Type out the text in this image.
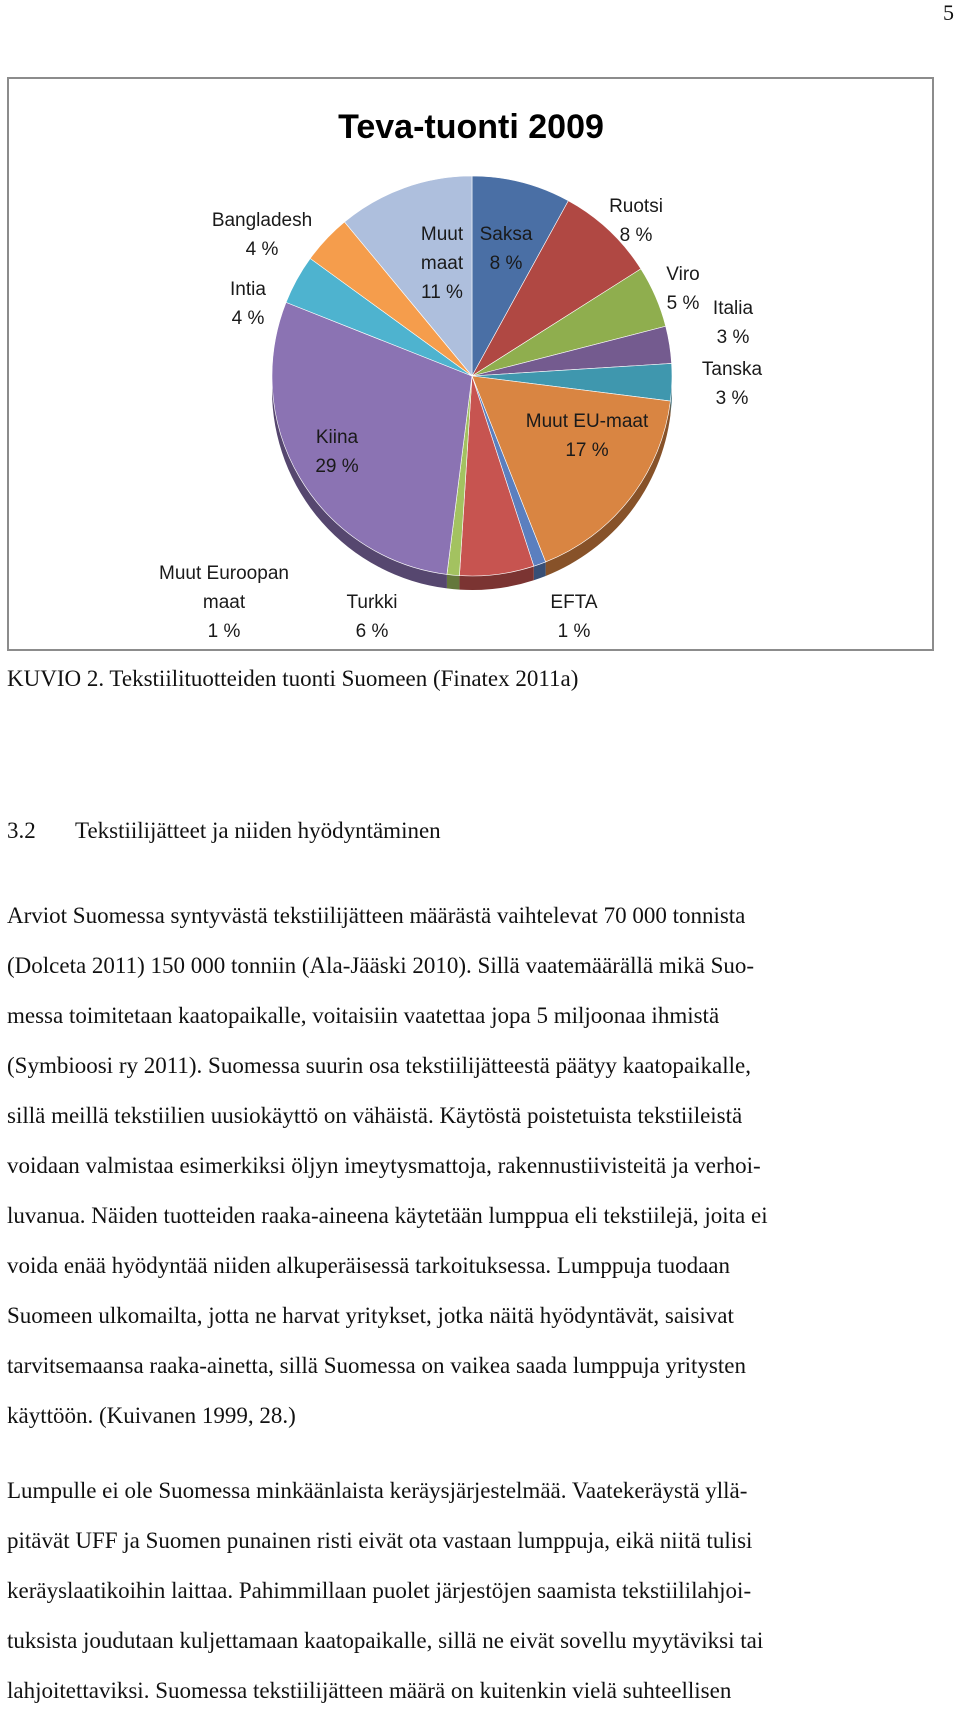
5
Teva-tuonti 2009
Saksa 8 %
Ruotsi 8 %
Viro 5 % Italia 3 %
Tanska 3 %
Muut EU-maat 17 %
EFTA 1 %
Turkki 6 %
Muut Euroopan maat 1 %
Kiina 29 %
Intia 4 %
Bangladesh 4 %
Muut maat 11 %
KUVIO 2. Tekstiilituotteiden tuonti Suomeen (Finatex 2011a)
3.2 Tekstiilijätteet ja niiden hyödyntäminen
Arviot Suomessa syntyvästä tekstiilijätteen määrästä vaihtelevat 70 000 tonnista
(Dolceta 2011) 150 000 tonniin (Ala-Jääski 2010). Sillä vaatemäärällä mikä Suo-
messa toimitetaan kaatopaikalle, voitaisiin vaatettaa jopa 5 miljoonaa ihmistä
(Symbioosi ry 2011). Suomessa suurin osa tekstiilijätteestä päätyy kaatopaikalle,
sillä meillä tekstiilien uusiokäyttö on vähäistä. Käytöstä poistetuista tekstiileistä
voidaan valmistaa esimerkiksi öljyn imeytysmattoja, rakennustiivisteitä ja verhoi-
luvanua. Näiden tuotteiden raaka-aineena käytetään lumppua eli tekstiilejä, joita ei
voida enää hyödyntää niiden alkuperäisessä tarkoituksessa. Lumppuja tuodaan
Suomeen ulkomailta, jotta ne harvat yritykset, jotka näitä hyödyntävät, saisivat
tarvitsemaansa raaka-ainetta, sillä Suomessa on vaikea saada lumppuja yritysten
käyttöön. (Kuivanen 1999, 28.)
Lumpulle ei ole Suomessa minkäänlaista keräysjärjestelmää. Vaatekeräystä yllä-
pitävät UFF ja Suomen punainen risti eivät ota vastaan lumppuja, eikä niitä tulisi
keräyslaatikoihin laittaa. Pahimmillaan puolet järjestöjen saamista tekstiililahjoi-
tuksista joudutaan kuljettamaan kaatopaikalle, sillä ne eivät sovellu myytäviksi tai
lahjoitettaviksi. Suomessa tekstiilijätteen määrä on kuitenkin vielä suhteellisen
